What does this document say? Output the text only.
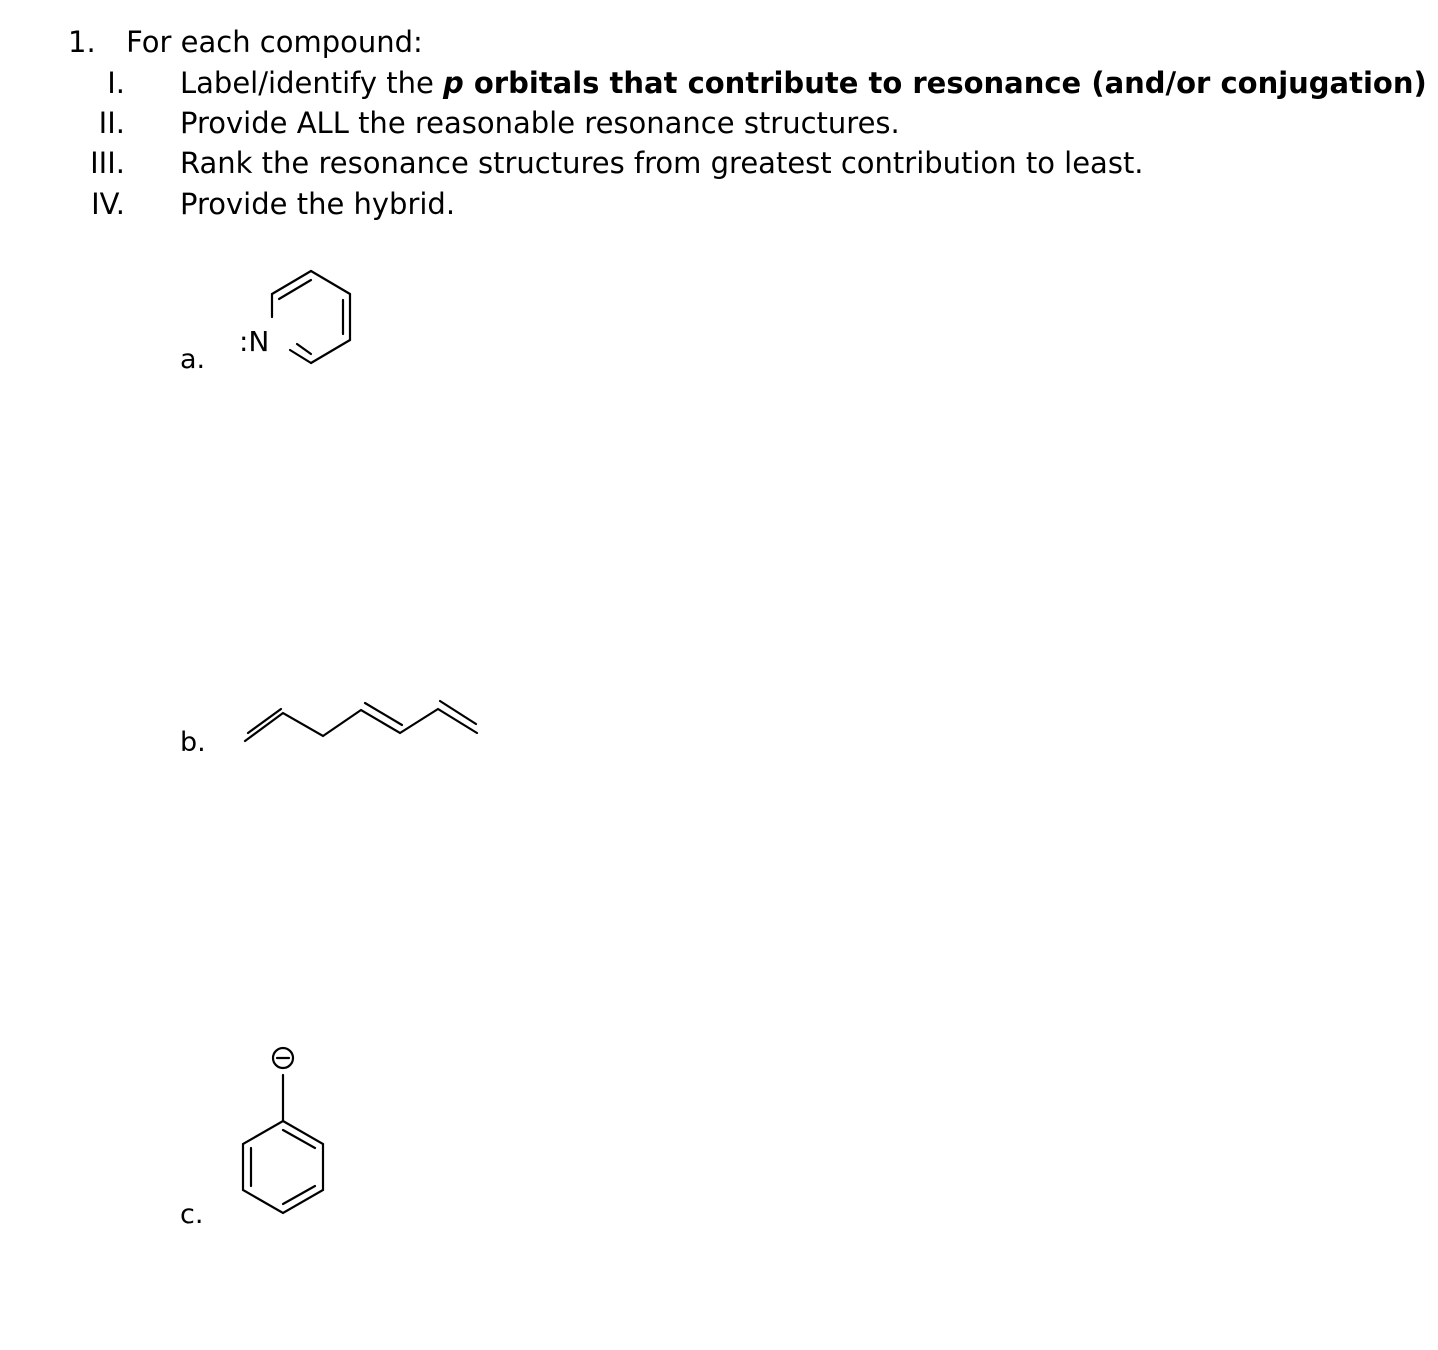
1. For each compound:
I. Label/identify the p orbitals that contribute to resonance (and/or conjugation)
II. Provide ALL the reasonable resonance structures.
III. Rank the resonance structures from greatest contribution to least.
IV. Provide the hybrid.
a.
:N
b.
c.
